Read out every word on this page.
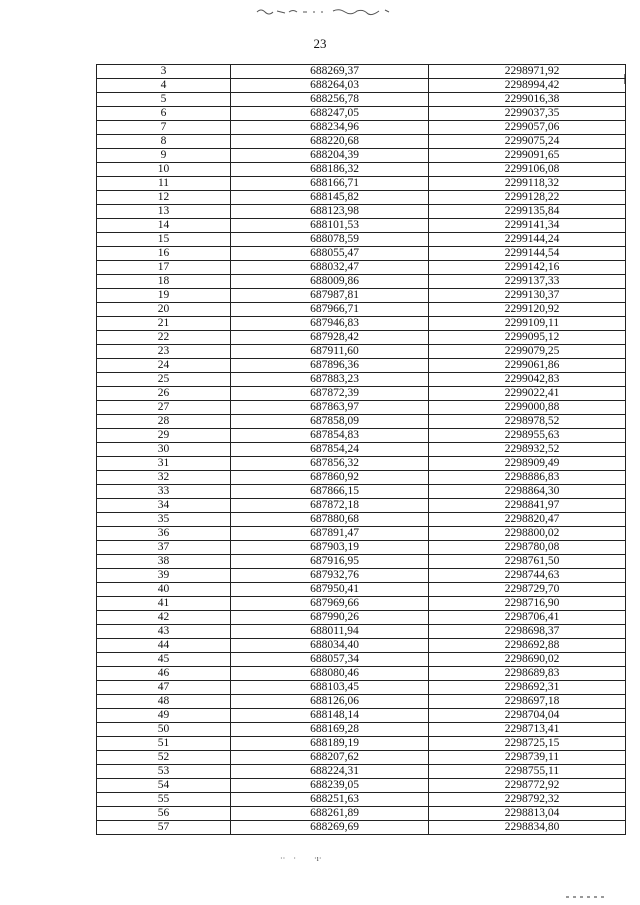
23
3	688269,37	2298971,92
4	688264,03	2298994,42
5	688256,78	2299016,38
6	688247,05	2299037,35
7	688234,96	2299057,06
8	688220,68	2299075,24
9	688204,39	2299091,65
10	688186,32	2299106,08
11	688166,71	2299118,32
12	688145,82	2299128,22
13	688123,98	2299135,84
14	688101,53	2299141,34
15	688078,59	2299144,24
16	688055,47	2299144,54
17	688032,47	2299142,16
18	688009,86	2299137,33
19	687987,81	2299130,37
20	687966,71	2299120,92
21	687946,83	2299109,11
22	687928,42	2299095,12
23	687911,60	2299079,25
24	687896,36	2299061,86
25	687883,23	2299042,83
26	687872,39	2299022,41
27	687863,97	2299000,88
28	687858,09	2298978,52
29	687854,83	2298955,63
30	687854,24	2298932,52
31	687856,32	2298909,49
32	687860,92	2298886,83
33	687866,15	2298864,30
34	687872,18	2298841,97
35	687880,68	2298820,47
36	687891,47	2298800,02
37	687903,19	2298780,08
38	687916,95	2298761,50
39	687932,76	2298744,63
40	687950,41	2298729,70
41	687969,66	2298716,90
42	687990,26	2298706,41
43	688011,94	2298698,37
44	688034,40	2298692,88
45	688057,34	2298690,02
46	688080,46	2298689,83
47	688103,45	2298692,31
48	688126,06	2298697,18
49	688148,14	2298704,04
50	688169,28	2298713,41
51	688189,19	2298725,15
52	688207,62	2298739,11
53	688224,31	2298755,11
54	688239,05	2298772,92
55	688251,63	2298792,32
56	688261,89	2298813,04
57	688269,69	2298834,80
··    ·         ·ı·
